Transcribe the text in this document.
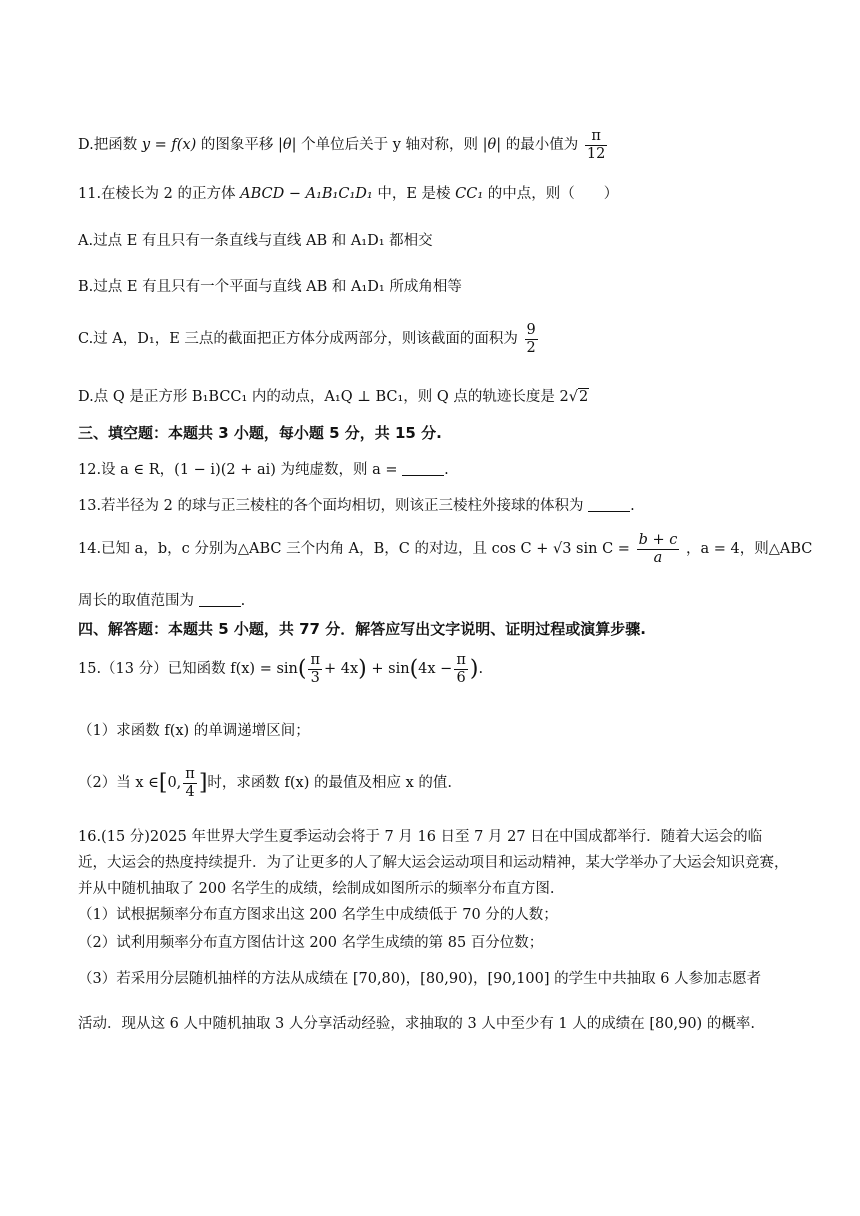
D.把函数 y = f(x) 的图象平移 |θ| 个单位后关于 y 轴对称，则 |θ| 的最小值为 $\frac{\pi}{12}$
11.在棱长为 2 的正方体 ABCD − A₁B₁C₁D₁ 中，E 是棱 CC₁ 的中点，则（　　）
A.过点 E 有且只有一条直线与直线 AB 和 A₁D₁ 都相交
B.过点 E 有且只有一个平面与直线 AB 和 A₁D₁ 所成角相等
C.过 A，D₁，E 三点的截面把正方体分成两部分，则该截面的面积为 $\frac{9}{2}$
D.点 Q 是正方形 B₁BCC₁ 内的动点，A₁Q ⊥ BC₁，则 Q 点的轨迹长度是 2√2
三、填空题：本题共 3 小题，每小题 5 分，共 15 分.
12.设 a ∈ R，(1 − i)(2 + ai) 为纯虚数，则 a =	.
13.若半径为 2 的球与正三棱柱的各个面均相切，则该正三棱柱外接球的体积为	.
14.已知 a，b，c 分别为△ABC 三个内角 A，B，C 的对边，且 cos C + √3 $\sin C = \frac{b + c}{a}$ ，a = 4，则△ABC
周长的取值范围为	.
四、解答题：本题共 5 小题，共 77 分．解答应写出文字说明、证明过程或演算步骤.
15.（13 分）已知函数 $f(x) = \sin( \frac{\pi}{3} + 4x) + \sin(4x - \frac{\pi}{6}$ ).
（1）求函数 f(x) 的单调递增区间；
（2）当 x ∈[0, $\frac{\pi}{4}$ ]时，求函数 f(x) 的最值及相应 x 的值.
16.(15 分)2025 年世界大学生夏季运动会将于 7 月 16 日至 7 月 27 日在中国成都举行．随着大运会的临近，大运会的热度持续提升．为了让更多的人了解大运会运动项目和运动精神，某大学举办了大运会知识竞赛，并从中随机抽取了 200 名学生的成绩，绘制成如图所示的频率分布直方图.
（1）试根据频率分布直方图求出这 200 名学生中成绩低于 70 分的人数；
（2）试利用频率分布直方图估计这 200 名学生成绩的第 85 百分位数；
（3）若采用分层随机抽样的方法从成绩在 [70,80)，[80,90)，[90,100] 的学生中共抽取 6 人参加志愿者
活动．现从这 6 人中随机抽取 3 人分享活动经验，求抽取的 3 人中至少有 1 人的成绩在 [80,90) 的概率.
